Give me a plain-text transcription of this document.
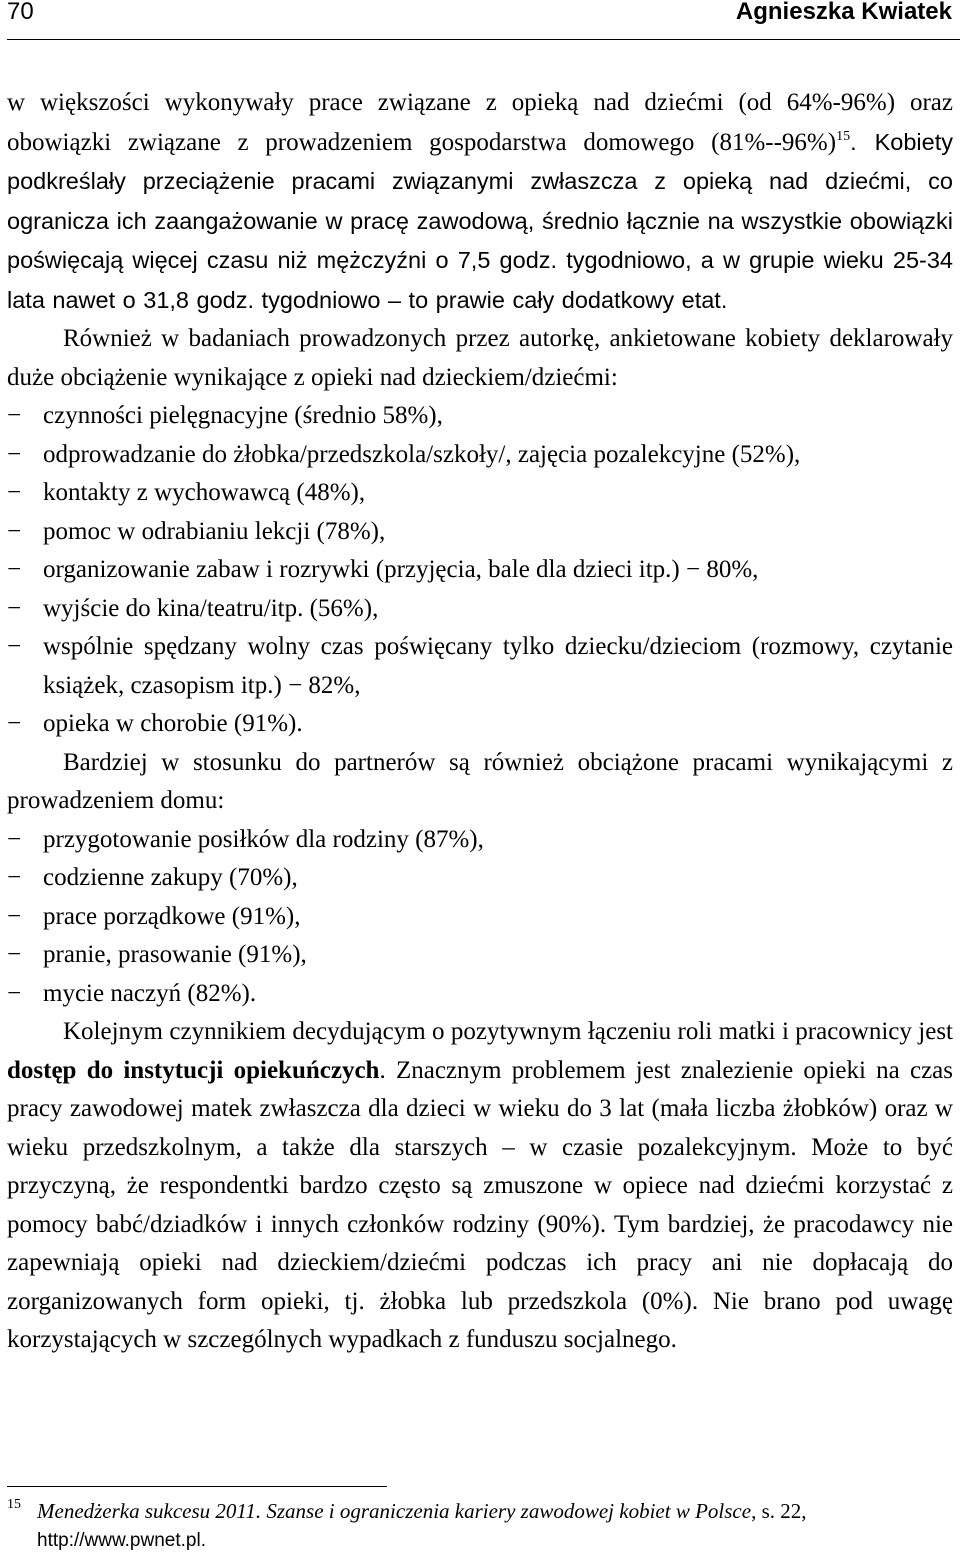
70	Agnieszka Kwiatek

w większości wykonywały prace związane z opieką nad dziećmi (od 64%-96%) oraz obowiązki związane z prowadzeniem gospodarstwa domowego $(81\%--96\%)^{15}$. Kobiety podkreślały przeciążenie pracami związanymi zwłaszcza z opieką nad dziećmi, co ogranicza ich zaangażowanie w pracę zawodową, średnio łącznie na wszystkie obowiązki poświęcają więcej czasu niż mężczyźni o 7,5 godz. tygodniowo, a w grupie wieku 25-34 lata nawet o 31,8 godz. tygodniowo – to prawie cały dodatkowy etat.

Również w badaniach prowadzonych przez autorkę, ankietowane kobiety deklarowały duże obciążenie wynikające z opieki nad dzieckiem/dziećmi:

− czynności pielęgnacyjne (średnio 58%),
− odprowadzanie do żłobka/przedszkola/szkoły/, zajęcia pozalekcyjne (52%),
− kontakty z wychowawcą (48%),
− pomoc w odrabianiu lekcji (78%),
− organizowanie zabaw i rozrywki (przyjęcia, bale dla dzieci itp.) − 80%,
− wyjście do kina/teatru/itp. (56%),
− wspólnie spędzany wolny czas poświęcany tylko dziecku/dzieciom (rozmowy, czytanie książek, czasopism itp.) − 82%,
− opieka w chorobie (91%).

Bardziej w stosunku do partnerów są również obciążone pracami wynikającymi z prowadzeniem domu:

− przygotowanie posiłków dla rodziny (87%),
− codzienne zakupy (70%),
− prace porządkowe (91%),
− pranie, prasowanie (91%),
− mycie naczyń (82%).

Kolejnym czynnikiem decydującym o pozytywnym łączeniu roli matki i pracownicy jest dostęp do instytucji opiekuńczych. Znacznym problemem jest znalezienie opieki na czas pracy zawodowej matek zwłaszcza dla dzieci w wieku do 3 lat (mała liczba żłobków) oraz w wieku przedszkolnym, a także dla starszych – w czasie pozalekcyjnym. Może to być przyczyną, że respondentki bardzo często są zmuszone w opiece nad dziećmi korzystać z pomocy babć/dziadków i innych członków rodziny (90%). Tym bardziej, że pracodawcy nie zapewniają opieki nad dzieckiem/dziećmi podczas ich pracy ani nie dopłacają do zorganizowanych form opieki, tj. żłobka lub przedszkola (0%). Nie brano pod uwagę korzystających w szczególnych wypadkach z funduszu socjalnego.

15 Menedżerka sukcesu 2011. Szanse i ograniczenia kariery zawodowej kobiet w Polsce, s. 22,
http://www.pwnet.pl.
